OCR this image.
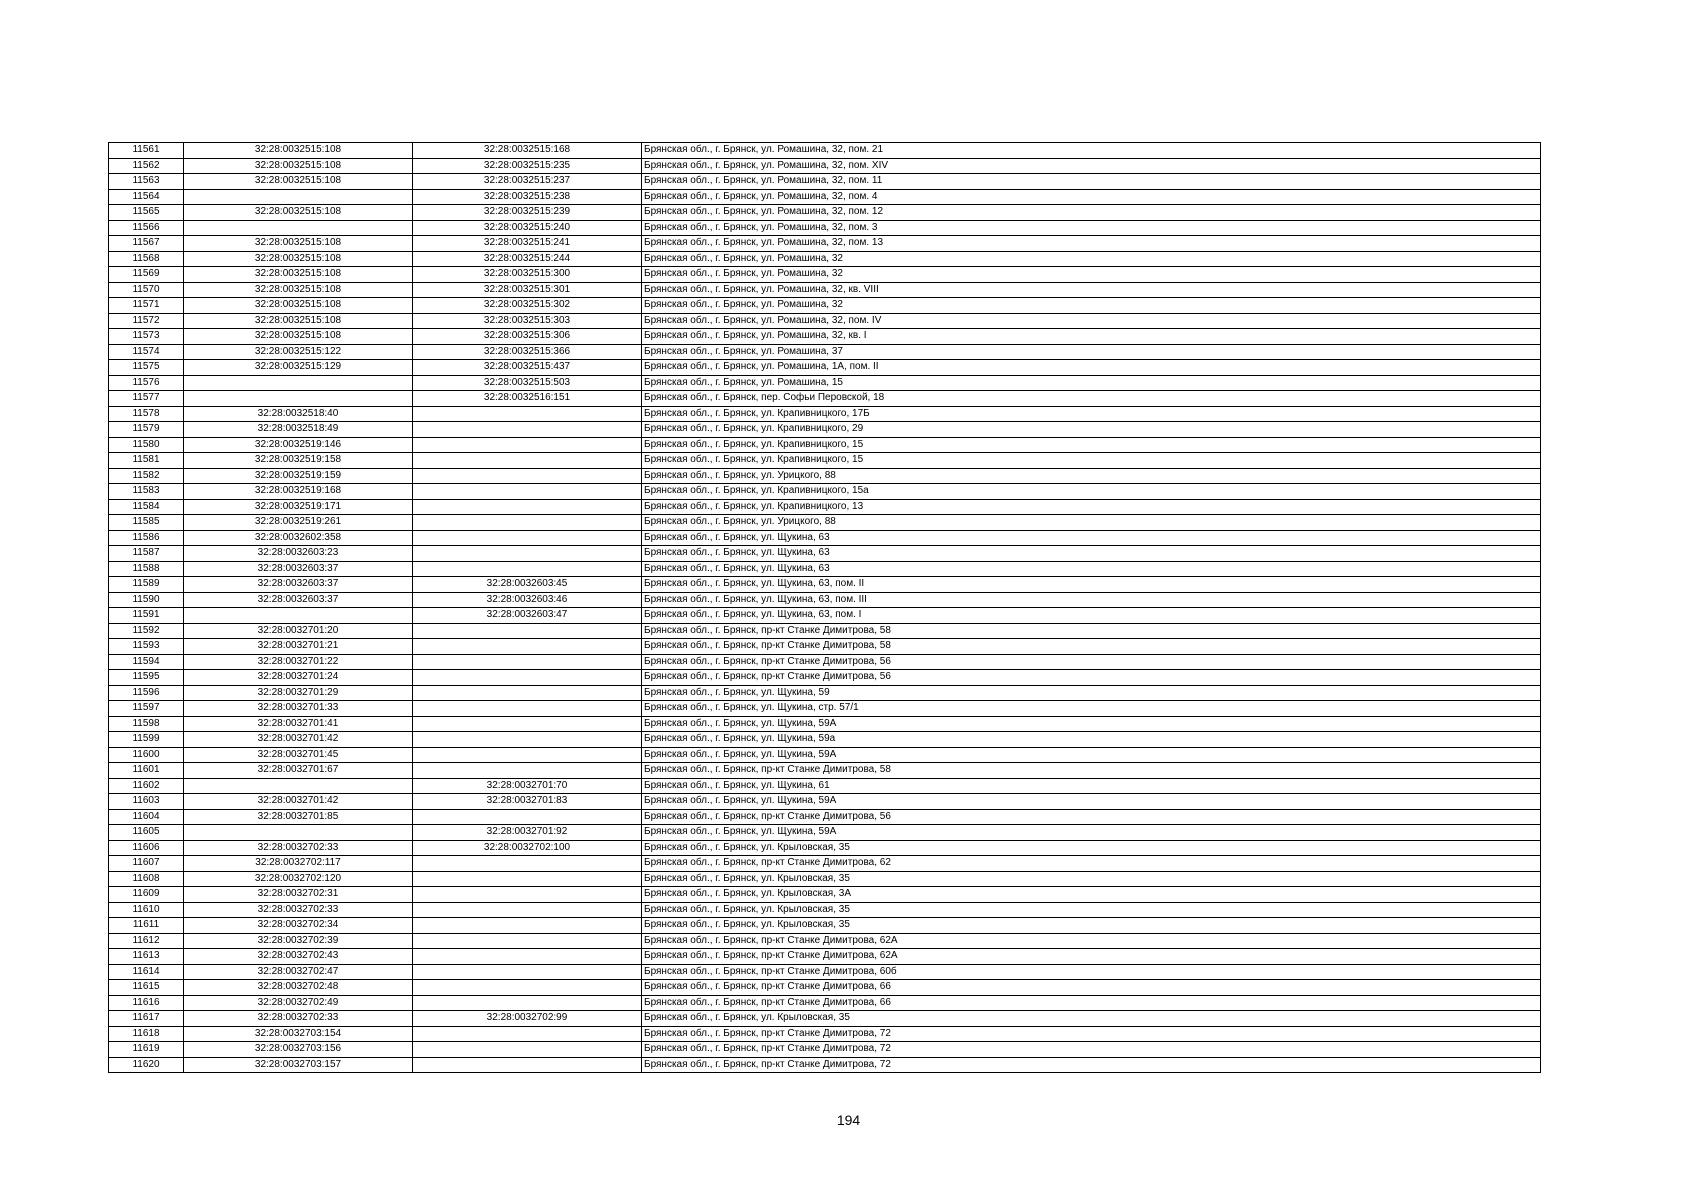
11561	32:28:0032515:108	32:28:0032515:168	Брянская обл., г. Брянск, ул. Ромашина, 32, пом. 21
11562	32:28:0032515:108	32:28:0032515:235	Брянская обл., г. Брянск, ул. Ромашина, 32, пом. XIV
11563	32:28:0032515:108	32:28:0032515:237	Брянская обл., г. Брянск, ул. Ромашина, 32, пом. 11
11564		32:28:0032515:238	Брянская обл., г. Брянск, ул. Ромашина, 32, пом. 4
11565	32:28:0032515:108	32:28:0032515:239	Брянская обл., г. Брянск, ул. Ромашина, 32, пом. 12
11566		32:28:0032515:240	Брянская обл., г. Брянск, ул. Ромашина, 32, пом. 3
11567	32:28:0032515:108	32:28:0032515:241	Брянская обл., г. Брянск, ул. Ромашина, 32, пом. 13
11568	32:28:0032515:108	32:28:0032515:244	Брянская обл., г. Брянск, ул. Ромашина, 32
11569	32:28:0032515:108	32:28:0032515:300	Брянская обл., г. Брянск, ул. Ромашина, 32
11570	32:28:0032515:108	32:28:0032515:301	Брянская обл., г. Брянск, ул. Ромашина, 32, кв. VIII
11571	32:28:0032515:108	32:28:0032515:302	Брянская обл., г. Брянск, ул. Ромашина, 32
11572	32:28:0032515:108	32:28:0032515:303	Брянская обл., г. Брянск, ул. Ромашина, 32, пом. IV
11573	32:28:0032515:108	32:28:0032515:306	Брянская обл., г. Брянск, ул. Ромашина, 32, кв. I
11574	32:28:0032515:122	32:28:0032515:366	Брянская обл., г. Брянск, ул. Ромашина, 37
11575	32:28:0032515:129	32:28:0032515:437	Брянская обл., г. Брянск, ул. Ромашина, 1А, пом. II
11576		32:28:0032515:503	Брянская обл., г. Брянск, ул. Ромашина, 15
11577		32:28:0032516:151	Брянская обл., г. Брянск, пер. Софьи Перовской, 18
11578	32:28:0032518:40		Брянская обл., г. Брянск, ул. Крапивницкого, 17Б
11579	32:28:0032518:49		Брянская обл., г. Брянск, ул. Крапивницкого, 29
11580	32:28:0032519:146		Брянская обл., г. Брянск, ул. Крапивницкого, 15
11581	32:28:0032519:158		Брянская обл., г. Брянск, ул. Крапивницкого, 15
11582	32:28:0032519:159		Брянская обл., г. Брянск, ул. Урицкого, 88
11583	32:28:0032519:168		Брянская обл., г. Брянск, ул. Крапивницкого, 15а
11584	32:28:0032519:171		Брянская обл., г. Брянск, ул. Крапивницкого, 13
11585	32:28:0032519:261		Брянская обл., г. Брянск, ул. Урицкого, 88
11586	32:28:0032602:358		Брянская обл., г. Брянск, ул. Щукина, 63
11587	32:28:0032603:23		Брянская обл., г. Брянск, ул. Щукина, 63
11588	32:28:0032603:37		Брянская обл., г. Брянск, ул. Щукина, 63
11589	32:28:0032603:37	32:28:0032603:45	Брянская обл., г. Брянск, ул. Щукина, 63, пом. II
11590	32:28:0032603:37	32:28:0032603:46	Брянская обл., г. Брянск, ул. Щукина, 63, пом. III
11591		32:28:0032603:47	Брянская обл., г. Брянск, ул. Щукина, 63, пом. I
11592	32:28:0032701:20		Брянская обл., г. Брянск, пр-кт Станке Димитрова, 58
11593	32:28:0032701:21		Брянская обл., г. Брянск, пр-кт Станке Димитрова, 58
11594	32:28:0032701:22		Брянская обл., г. Брянск, пр-кт Станке Димитрова, 56
11595	32:28:0032701:24		Брянская обл., г. Брянск, пр-кт Станке Димитрова, 56
11596	32:28:0032701:29		Брянская обл., г. Брянск, ул. Щукина, 59
11597	32:28:0032701:33		Брянская обл., г. Брянск, ул. Щукина, стр. 57/1
11598	32:28:0032701:41		Брянская обл., г. Брянск, ул. Щукина, 59А
11599	32:28:0032701:42		Брянская обл., г. Брянск, ул. Щукина, 59а
11600	32:28:0032701:45		Брянская обл., г. Брянск, ул. Щукина, 59А
11601	32:28:0032701:67		Брянская обл., г. Брянск, пр-кт Станке Димитрова, 58
11602		32:28:0032701:70	Брянская обл., г. Брянск, ул. Щукина, 61
11603	32:28:0032701:42	32:28:0032701:83	Брянская обл., г. Брянск, ул. Щукина, 59А
11604	32:28:0032701:85		Брянская обл., г. Брянск, пр-кт Станке Димитрова, 56
11605		32:28:0032701:92	Брянская обл., г. Брянск, ул. Щукина, 59А
11606	32:28:0032702:33	32:28:0032702:100	Брянская обл., г. Брянск, ул. Крыловская, 35
11607	32:28:0032702:117		Брянская обл., г. Брянск, пр-кт Станке Димитрова, 62
11608	32:28:0032702:120		Брянская обл., г. Брянск, ул. Крыловская, 35
11609	32:28:0032702:31		Брянская обл., г. Брянск, ул. Крыловская, 3А
11610	32:28:0032702:33		Брянская обл., г. Брянск, ул. Крыловская, 35
11611	32:28:0032702:34		Брянская обл., г. Брянск, ул. Крыловская, 35
11612	32:28:0032702:39		Брянская обл., г. Брянск, пр-кт Станке Димитрова, 62А
11613	32:28:0032702:43		Брянская обл., г. Брянск, пр-кт Станке Димитрова, 62А
11614	32:28:0032702:47		Брянская обл., г. Брянск, пр-кт Станке Димитрова, 60б
11615	32:28:0032702:48		Брянская обл., г. Брянск, пр-кт Станке Димитрова, 66
11616	32:28:0032702:49		Брянская обл., г. Брянск, пр-кт Станке Димитрова, 66
11617	32:28:0032702:33	32:28:0032702:99	Брянская обл., г. Брянск, ул. Крыловская, 35
11618	32:28:0032703:154		Брянская обл., г. Брянск, пр-кт Станке Димитрова, 72
11619	32:28:0032703:156		Брянская обл., г. Брянск, пр-кт Станке Димитрова, 72
11620	32:28:0032703:157		Брянская обл., г. Брянск, пр-кт Станке Димитрова, 72
194
